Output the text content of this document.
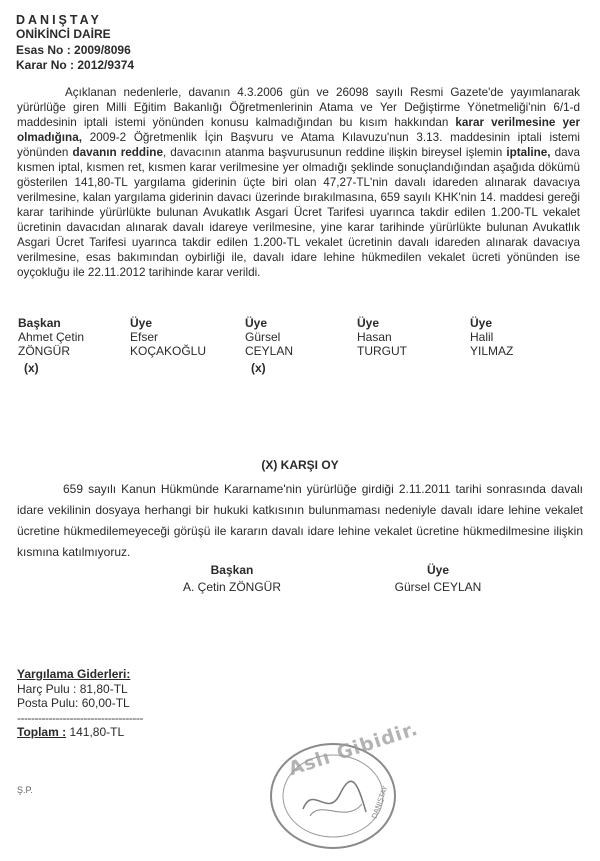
DANIŞTAY
ONİKİNCİ DAİRE
Esas No : 2009/8096
Karar No : 2012/9374
Açıklanan nedenlerle, davanın 4.3.2006 gün ve 26098 sayılı Resmi Gazete'de yayımlanarak yürürlüğe giren Milli Eğitim Bakanlığı Öğretmenlerinin Atama ve Yer Değiştirme Yönetmeliği'nin 6/1-d maddesinin iptali istemi yönünden konusu kalmadığından bu kısım hakkından karar verilmesine yer olmadığına, 2009-2 Öğretmenlik İçin Başvuru ve Atama Kılavuzu'nun 3.13. maddesinin iptali istemi yönünden davanın reddine, davacının atanma başvurusunun reddine ilişkin bireysel işlemin iptaline, dava kısmen iptal, kısmen ret, kısmen karar verilmesine yer olmadığı şeklinde sonuçlandığından aşağıda dökümü gösterilen 141,80-TL yargılama giderinin üçte biri olan 47,27-TL'nin davalı idareden alınarak davacıya verilmesine, kalan yargılama giderinin davacı üzerinde bırakılmasına, 659 sayılı KHK'nin 14. maddesi gereği karar tarihinde yürürlükte bulunan Avukatlık Asgari Ücret Tarifesi uyarınca takdir edilen 1.200-TL vekalet ücretinin davacıdan alınarak davalı idareye verilmesine, yine karar tarihinde yürürlükte bulunan Avukatlık Asgari Ücret Tarifesi uyarınca takdir edilen 1.200-TL vekalet ücretinin davalı idareden alınarak davacıya verilmesine, esas bakımından oybirliği ile, davalı idare lehine hükmedilen vekalet ücreti yönünden ise oyçokluğu ile 22.11.2012 tarihinde karar verildi.
Başkan
Ahmet Çetin
ZÖNGÜR
(x)
Üye
Efser
KOÇAKOĞLU
Üye
Gürsel
CEYLAN
(x)
Üye
Hasan
TURGUT
Üye
Halil
YILMAZ
(X) KARŞI OY
659 sayılı Kanun Hükmünde Kararname'nin yürürlüğe girdiği 2.11.2011 tarihi sonrasında davalı idare vekilinin dosyaya herhangi bir hukuki katkısının bulunmaması nedeniyle davalı idare lehine vekalet ücretine hükmedilemeyeceği görüşü ile kararın davalı idare lehine vekalet ücretine hükmedilmesine ilişkin kısmına katılmıyoruz.
Başkan
A. Çetin ZÖNGÜR
Üye
Gürsel CEYLAN
Yargılama Giderleri:
Harç Pulu : 81,80-TL
Posta Pulu: 60,00-TL
------------------------------------
Toplam : 141,80-TL
Ş.P.	DANIŞTAY
Aslı Gibidir.
